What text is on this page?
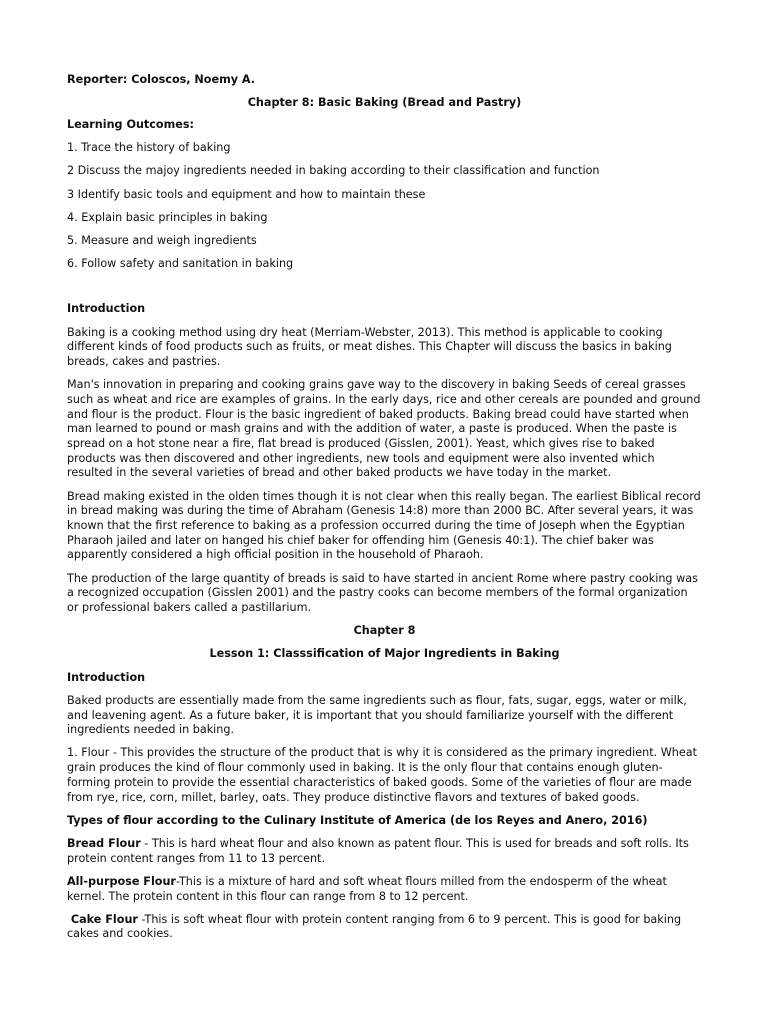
Reporter: Coloscos, Noemy A.
Chapter 8: Basic Baking (Bread and Pastry)
Learning Outcomes:
1. Trace the history of baking
2 Discuss the majoy ingredients needed in baking according to their classification and function
3 Identify basic tools and equipment and how to maintain these
4. Explain basic principles in baking
5. Measure and weigh ingredients
6. Follow safety and sanitation in baking
Introduction

Baking is a cooking method using dry heat (Merriam-Webster, 2013). This method is applicable to cooking different kinds of food products such as fruits, or meat dishes. This Chapter will discuss the basics in baking breads, cakes and pastries.

Man's innovation in preparing and cooking grains gave way to the discovery in baking Seeds of cereal grasses such as wheat and rice are examples of grains. In the early days, rice and other cereals are pounded and ground and flour is the product. Flour is the basic ingredient of baked products. Baking bread could have started when man learned to pound or mash grains and with the addition of water, a paste is produced. When the paste is spread on a hot stone near a fire, flat bread is produced (Gisslen, 2001). Yeast, which gives rise to baked products was then discovered and other ingredients, new tools and equipment were also invented which resulted in the several varieties of bread and other baked products we have today in the market.

Bread making existed in the olden times though it is not clear when this really began. The earliest Biblical record in bread making was during the time of Abraham (Genesis 14:8) more than 2000 BC. After several years, it was known that the first reference to baking as a profession occurred during the time of Joseph when the Egyptian Pharaoh jailed and later on hanged his chief baker for offending him (Genesis 40:1). The chief baker was apparently considered a high official position in the household of Pharaoh.

The production of the large quantity of breads is said to have started in ancient Rome where pastry cooking was a recognized occupation (Gisslen 2001) and the pastry cooks can become members of the formal organization or professional bakers called a pastillarium.

Chapter 8
Lesson 1: Classsification of Major Ingredients in Baking
Introduction

Baked products are essentially made from the same ingredients such as flour, fats, sugar, eggs, water or milk, and leavening agent. As a future baker, it is important that you should familiarize yourself with the different ingredients needed in baking.

1. Flour - This provides the structure of the product that is why it is considered as the primary ingredient. Wheat grain produces the kind of flour commonly used in baking. It is the only flour that contains enough gluten-forming protein to provide the essential characteristics of baked goods. Some of the varieties of flour are made from rye, rice, corn, millet, barley, oats. They produce distinctive flavors and textures of baked goods.

Types of flour according to the Culinary Institute of America (de los Reyes and Anero, 2016)

Bread Flour - This is hard wheat flour and also known as patent flour. This is used for breads and soft rolls. Its protein content ranges from 11 to 13 percent.

All-purpose Flour-This is a mixture of hard and soft wheat flours milled from the endosperm of the wheat kernel. The protein content in this flour can range from 8 to 12 percent.

Cake Flour -This is soft wheat flour with protein content ranging from 6 to 9 percent. This is good for baking cakes and cookies.
